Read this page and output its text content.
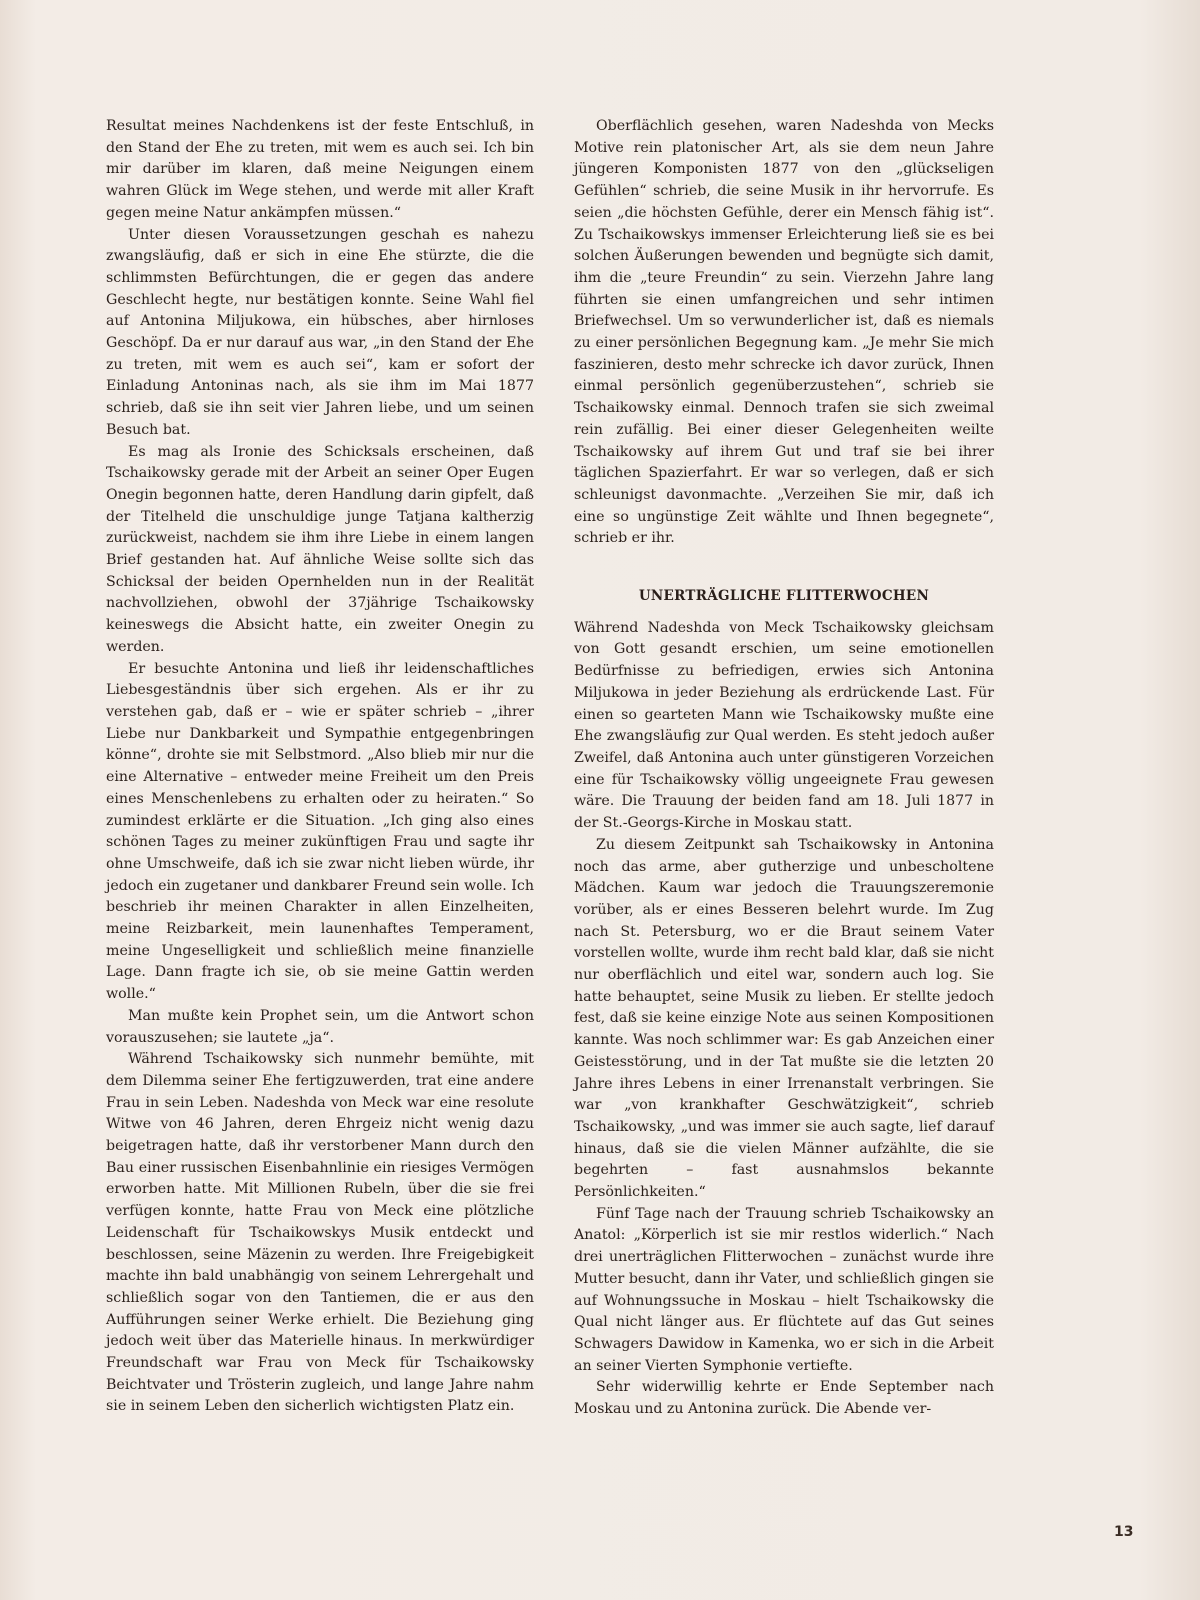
Resultat meines Nachdenkens ist der feste Entschluß, in den Stand der Ehe zu treten, mit wem es auch sei. Ich bin mir darüber im klaren, daß meine Neigungen einem wahren Glück im Wege stehen, und werde mit aller Kraft gegen meine Natur ankämpfen müssen.“

Unter diesen Voraussetzungen geschah es nahezu zwangsläufig, daß er sich in eine Ehe stürzte, die die schlimmsten Befürchtungen, die er gegen das andere Geschlecht hegte, nur bestätigen konnte. Seine Wahl fiel auf Antonina Miljukowa, ein hübsches, aber hirnloses Geschöpf. Da er nur darauf aus war, „in den Stand der Ehe zu treten, mit wem es auch sei“, kam er sofort der Einladung Antoninas nach, als sie ihm im Mai 1877 schrieb, daß sie ihn seit vier Jahren liebe, und um seinen Besuch bat.

Es mag als Ironie des Schicksals erscheinen, daß Tschaikowsky gerade mit der Arbeit an seiner Oper Eugen Onegin begonnen hatte, deren Handlung darin gipfelt, daß der Titelheld die unschuldige junge Tatjana kaltherzig zurückweist, nachdem sie ihm ihre Liebe in einem langen Brief gestanden hat. Auf ähnliche Weise sollte sich das Schicksal der beiden Opernhelden nun in der Realität nachvollziehen, obwohl der 37jährige Tschaikowsky keineswegs die Absicht hatte, ein zweiter Onegin zu werden.

Er besuchte Antonina und ließ ihr leidenschaftliches Liebesgeständnis über sich ergehen. Als er ihr zu verstehen gab, daß er – wie er später schrieb – „ihrer Liebe nur Dankbarkeit und Sympathie entgegenbringen könne“, drohte sie mit Selbstmord. „Also blieb mir nur die eine Alternative – entweder meine Freiheit um den Preis eines Menschenlebens zu erhalten oder zu heiraten.“ So zumindest erklärte er die Situation. „Ich ging also eines schönen Tages zu meiner zukünftigen Frau und sagte ihr ohne Umschweife, daß ich sie zwar nicht lieben würde, ihr jedoch ein zugetaner und dankbarer Freund sein wolle. Ich beschrieb ihr meinen Charakter in allen Einzelheiten, meine Reizbarkeit, mein launenhaftes Temperament, meine Ungeselligkeit und schließlich meine finanzielle Lage. Dann fragte ich sie, ob sie meine Gattin werden wolle.“

Man mußte kein Prophet sein, um die Antwort schon vorauszusehen; sie lautete „ja“.

Während Tschaikowsky sich nunmehr bemühte, mit dem Dilemma seiner Ehe fertigzuwerden, trat eine andere Frau in sein Leben. Nadeshda von Meck war eine resolute Witwe von 46 Jahren, deren Ehrgeiz nicht wenig dazu beigetragen hatte, daß ihr verstorbener Mann durch den Bau einer russischen Eisenbahnlinie ein riesiges Vermögen erworben hatte. Mit Millionen Rubeln, über die sie frei verfügen konnte, hatte Frau von Meck eine plötzliche Leidenschaft für Tschaikowskys Musik entdeckt und beschlossen, seine Mäzenin zu werden. Ihre Freigebigkeit machte ihn bald unabhängig von seinem Lehrergehalt und schließlich sogar von den Tantiemen, die er aus den Aufführungen seiner Werke erhielt. Die Beziehung ging jedoch weit über das Materielle hinaus. In merkwürdiger Freundschaft war Frau von Meck für Tschaikowsky Beichtvater und Trösterin zugleich, und lange Jahre nahm sie in seinem Leben den sicherlich wichtigsten Platz ein.

Oberflächlich gesehen, waren Nadeshda von Mecks Motive rein platonischer Art, als sie dem neun Jahre jüngeren Komponisten 1877 von den „glückseligen Gefühlen“ schrieb, die seine Musik in ihr hervorrufe. Es seien „die höchsten Gefühle, derer ein Mensch fähig ist“. Zu Tschaikowskys immenser Erleichterung ließ sie es bei solchen Äußerungen bewenden und begnügte sich damit, ihm die „teure Freundin“ zu sein. Vierzehn Jahre lang führten sie einen umfangreichen und sehr intimen Briefwechsel. Um so verwunderlicher ist, daß es niemals zu einer persönlichen Begegnung kam. „Je mehr Sie mich faszinieren, desto mehr schrecke ich davor zurück, Ihnen einmal persönlich gegenüberzustehen“, schrieb sie Tschaikowsky einmal. Dennoch trafen sie sich zweimal rein zufällig. Bei einer dieser Gelegenheiten weilte Tschaikowsky auf ihrem Gut und traf sie bei ihrer täglichen Spazierfahrt. Er war so verlegen, daß er sich schleunigst davonmachte. „Verzeihen Sie mir, daß ich eine so ungünstige Zeit wählte und Ihnen begegnete“, schrieb er ihr.

UNERTRÄGLICHE FLITTERWOCHEN

Während Nadeshda von Meck Tschaikowsky gleichsam von Gott gesandt erschien, um seine emotionellen Bedürfnisse zu befriedigen, erwies sich Antonina Miljukowa in jeder Beziehung als erdrückende Last. Für einen so gearteten Mann wie Tschaikowsky mußte eine Ehe zwangsläufig zur Qual werden. Es steht jedoch außer Zweifel, daß Antonina auch unter günstigeren Vorzeichen eine für Tschaikowsky völlig ungeeignete Frau gewesen wäre. Die Trauung der beiden fand am 18. Juli 1877 in der St.-Georgs-Kirche in Moskau statt.

Zu diesem Zeitpunkt sah Tschaikowsky in Antonina noch das arme, aber gutherzige und unbescholtene Mädchen. Kaum war jedoch die Trauungszeremonie vorüber, als er eines Besseren belehrt wurde. Im Zug nach St. Petersburg, wo er die Braut seinem Vater vorstellen wollte, wurde ihm recht bald klar, daß sie nicht nur oberflächlich und eitel war, sondern auch log. Sie hatte behauptet, seine Musik zu lieben. Er stellte jedoch fest, daß sie keine einzige Note aus seinen Kompositionen kannte. Was noch schlimmer war: Es gab Anzeichen einer Geistesstörung, und in der Tat mußte sie die letzten 20 Jahre ihres Lebens in einer Irrenanstalt verbringen. Sie war „von krankhafter Geschwätzigkeit“, schrieb Tschaikowsky, „und was immer sie auch sagte, lief darauf hinaus, daß sie die vielen Männer aufzählte, die sie begehrten – fast ausnahmslos bekannte Persönlichkeiten.“

Fünf Tage nach der Trauung schrieb Tschaikowsky an Anatol: „Körperlich ist sie mir restlos widerlich.“ Nach drei unerträglichen Flitterwochen – zunächst wurde ihre Mutter besucht, dann ihr Vater, und schließlich gingen sie auf Wohnungssuche in Moskau – hielt Tschaikowsky die Qual nicht länger aus. Er flüchtete auf das Gut seines Schwagers Dawidow in Kamenka, wo er sich in die Arbeit an seiner Vierten Symphonie vertiefte.

Sehr widerwillig kehrte er Ende September nach Moskau und zu Antonina zurück. Die Abende ver-

13
